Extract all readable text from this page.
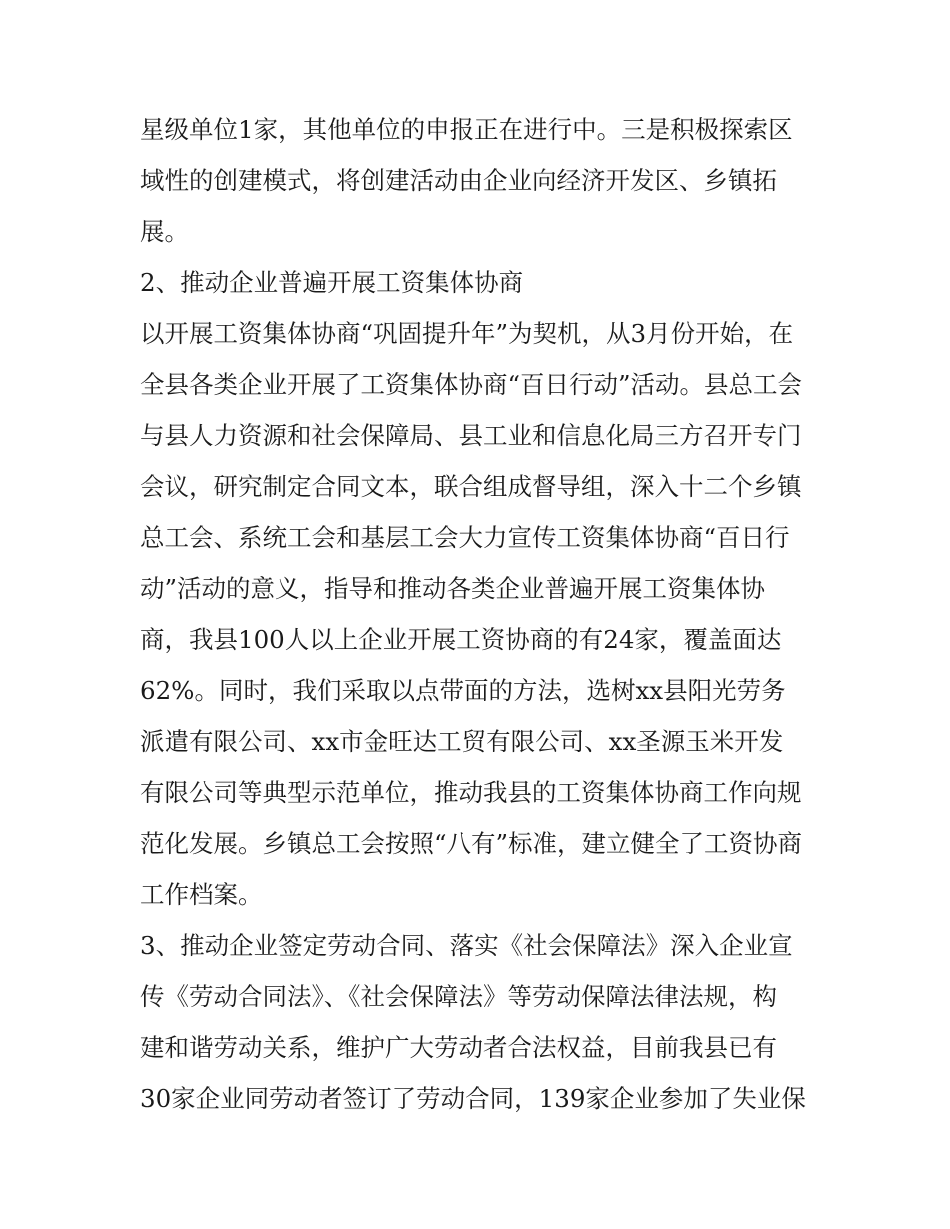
星级单位1家，其他单位的申报正在进行中。三是积极探索区
域性的创建模式，将创建活动由企业向经济开发区、乡镇拓
展。
2、推动企业普遍开展工资集体协商
以开展工资集体协商“巩固提升年”为契机，从3月份开始，在
全县各类企业开展了工资集体协商“百日行动”活动。县总工会
与县人力资源和社会保障局、县工业和信息化局三方召开专门
会议，研究制定合同文本，联合组成督导组，深入十二个乡镇
总工会、系统工会和基层工会大力宣传工资集体协商“百日行
动”活动的意义，指导和推动各类企业普遍开展工资集体协
商，我县100人以上企业开展工资协商的有24家，覆盖面达
62%。同时，我们采取以点带面的方法，选树xx县阳光劳务
派遣有限公司、xx市金旺达工贸有限公司、xx圣源玉米开发
有限公司等典型示范单位，推动我县的工资集体协商工作向规
范化发展。乡镇总工会按照“八有”标准，建立健全了工资协商
工作档案。
3、推动企业签定劳动合同、落实《社会保障法》深入企业宣
传《劳动合同法》、《社会保障法》等劳动保障法律法规，构
建和谐劳动关系，维护广大劳动者合法权益，目前我县已有
30家企业同劳动者签订了劳动合同，139家企业参加了失业保
